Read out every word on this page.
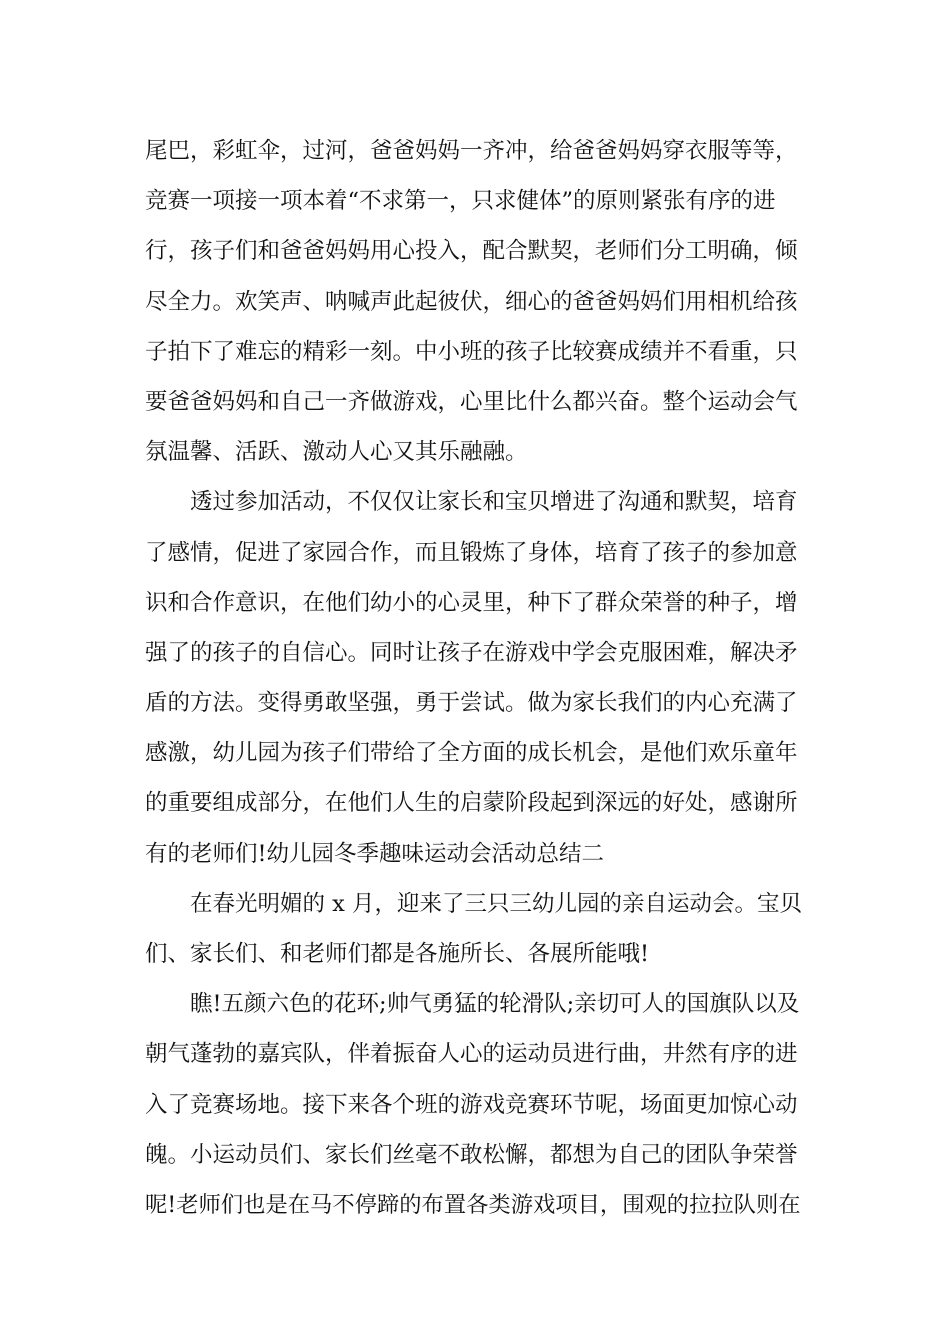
尾巴，彩虹伞，过河，爸爸妈妈一齐冲，给爸爸妈妈穿衣服等等，
竞赛一项接一项本着“不求第一，只求健体”的原则紧张有序的进
行，孩子们和爸爸妈妈用心投入，配合默契，老师们分工明确，倾
尽全力。欢笑声、呐喊声此起彼伏，细心的爸爸妈妈们用相机给孩
子拍下了难忘的精彩一刻。中小班的孩子比较赛成绩并不看重，只
要爸爸妈妈和自己一齐做游戏，心里比什么都兴奋。整个运动会气
氛温馨、活跃、激动人心又其乐融融。
透过参加活动，不仅仅让家长和宝贝增进了沟通和默契，培育
了感情，促进了家园合作，而且锻炼了身体，培育了孩子的参加意
识和合作意识，在他们幼小的心灵里，种下了群众荣誉的种子，增
强了的孩子的自信心。同时让孩子在游戏中学会克服困难，解决矛
盾的方法。变得勇敢坚强，勇于尝试。做为家长我们的内心充满了
感激，幼儿园为孩子们带给了全方面的成长机会，是他们欢乐童年
的重要组成部分，在他们人生的启蒙阶段起到深远的好处，感谢所
有的老师们!幼儿园冬季趣味运动会活动总结二
在春光明媚的 x 月，迎来了三只三幼儿园的亲自运动会。宝贝
们、家长们、和老师们都是各施所长、各展所能哦!
瞧!五颜六色的花环;帅气勇猛的轮滑队;亲切可人的国旗队以及
朝气蓬勃的嘉宾队，伴着振奋人心的运动员进行曲，井然有序的进
入了竞赛场地。接下来各个班的游戏竞赛环节呢，场面更加惊心动
魄。小运动员们、家长们丝毫不敢松懈，都想为自己的团队争荣誉
呢!老师们也是在马不停蹄的布置各类游戏项目，围观的拉拉队则在
